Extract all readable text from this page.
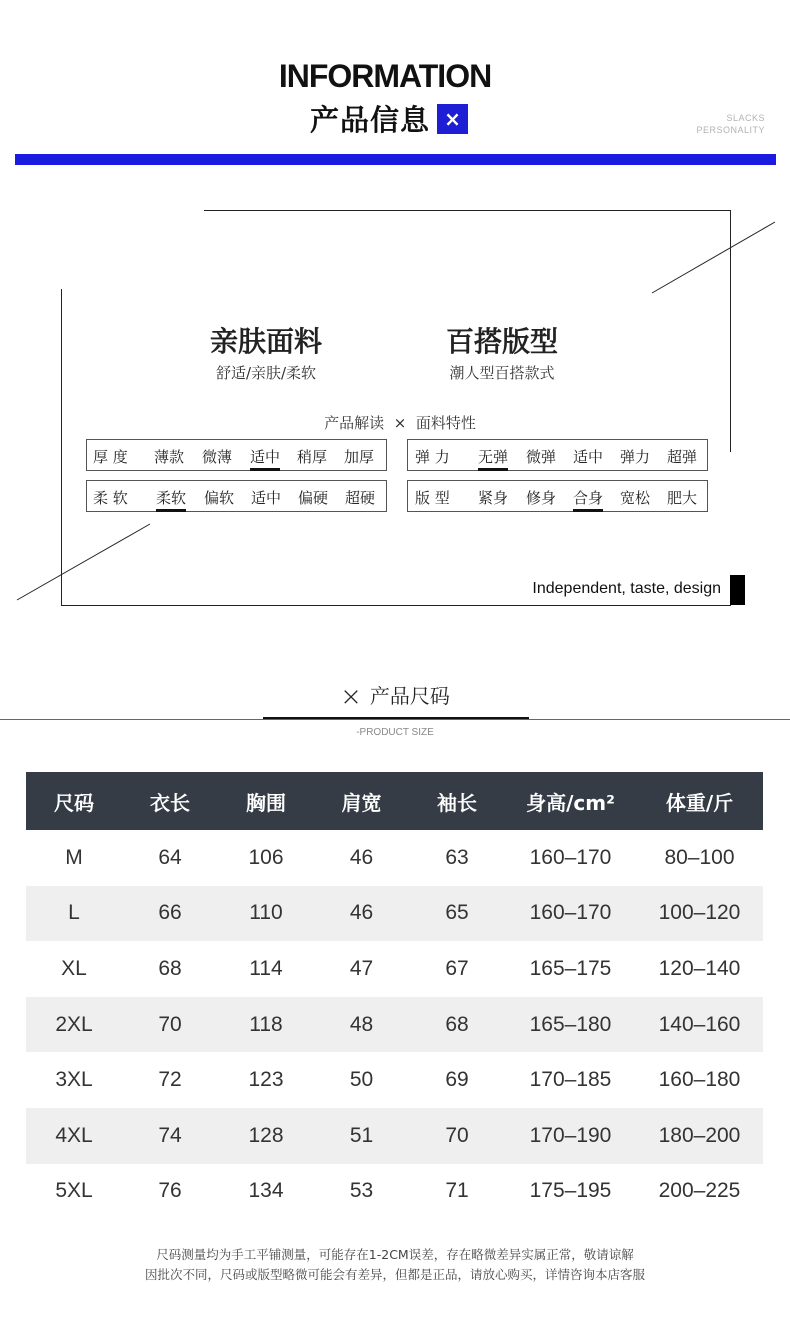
INFORMATION
产品信息 ×	SLACKS
PERSONALITY
亲肤面料
舒适/亲肤/柔软
百搭版型
潮人型百搭款式
产品解读  ×  面料特性
厚 度 薄款 微薄 适中 稍厚 加厚	弹 力 无弹 微弹 适中 弹力 超弹
柔 软 柔软 偏软 适中 偏硬 超硬	版 型 紧身 修身 合身 宽松 肥大
Independent, taste, design
× 产品尺码
-PRODUCT SIZE
尺码	衣长	胸围	肩宽	袖长	身高/cm²	体重/斤
M	64	106	46	63	160–170	80–100
L	66	110	46	65	160–170	100–120
XL	68	114	47	67	165–175	120–140
2XL	70	118	48	68	165–180	140–160
3XL	72	123	50	69	170–185	160–180
4XL	74	128	51	70	170–190	180–200
5XL	76	134	53	71	175–195	200–225
尺码测量均为手工平铺测量，可能存在1-2CM误差，存在略微差异实属正常，敬请谅解
因批次不同，尺码或版型略微可能会有差异，但都是正品，请放心购买，详情咨询本店客服
